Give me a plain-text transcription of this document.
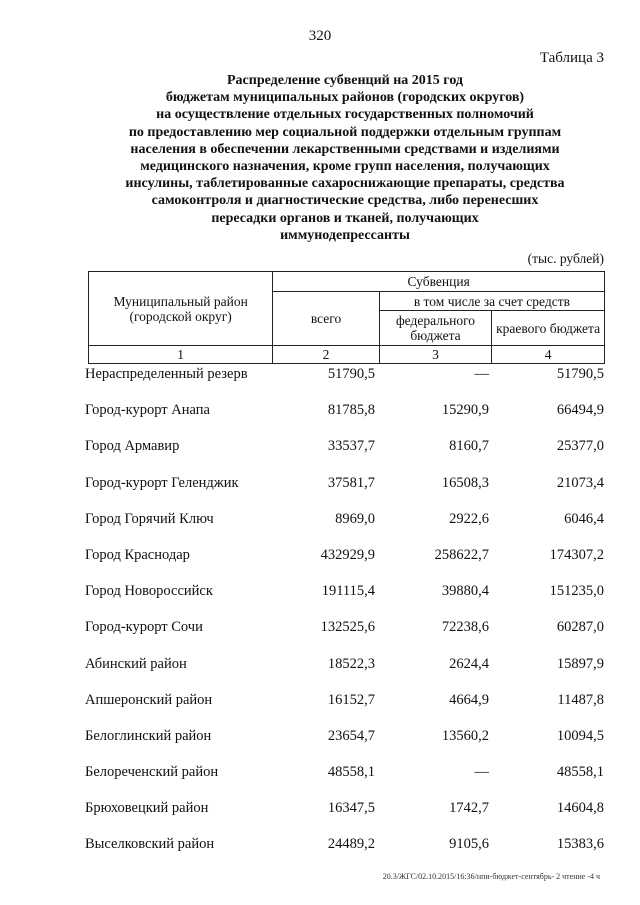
320
Таблица 3
Распределение субвенций на 2015 год
бюджетам муниципальных районов (городских округов)
на осуществление отдельных государственных полномочий
по предоставлению мер социальной поддержки отдельным группам
населения в обеспечении лекарственными средствами и изделиями
медицинского назначения, кроме групп населения, получающих
инсулины, таблетированные сахароснижающие препараты, средства
самоконтроля и диагностические средства, либо перенесших
пересадки органов и тканей, получающих
иммунодепрессанты
(тыс. рублей)
Муниципальный район (городской округ)	Субвенция		
	всего	в том числе за счет средств	
		федерального бюджета	краевого бюджета
1	2	3	4
Нераспределенный резерв	51790,5	—	51790,5
Город-курорт Анапа	81785,8	15290,9	66494,9
Город Армавир	33537,7	8160,7	25377,0
Город-курорт Геленджик	37581,7	16508,3	21073,4
Город Горячий Ключ	8969,0	2922,6	6046,4
Город Краснодар	432929,9	258622,7	174307,2
Город Новороссийск	191115,4	39880,4	151235,0
Город-курорт Сочи	132525,6	72238,6	60287,0
Абинский район	18522,3	2624,4	15897,9
Апшеронский район	16152,7	4664,9	11487,8
Белоглинский район	23654,7	13560,2	10094,5
Белореченский район	48558,1	—	48558,1
Брюховецкий район	16347,5	1742,7	14604,8
Выселковский район	24489,2	9105,6	15383,6
20.3/ЖГС/02.10.2015/16:36/нпи-бюджет-сентябрь- 2 чтение -4 ч
